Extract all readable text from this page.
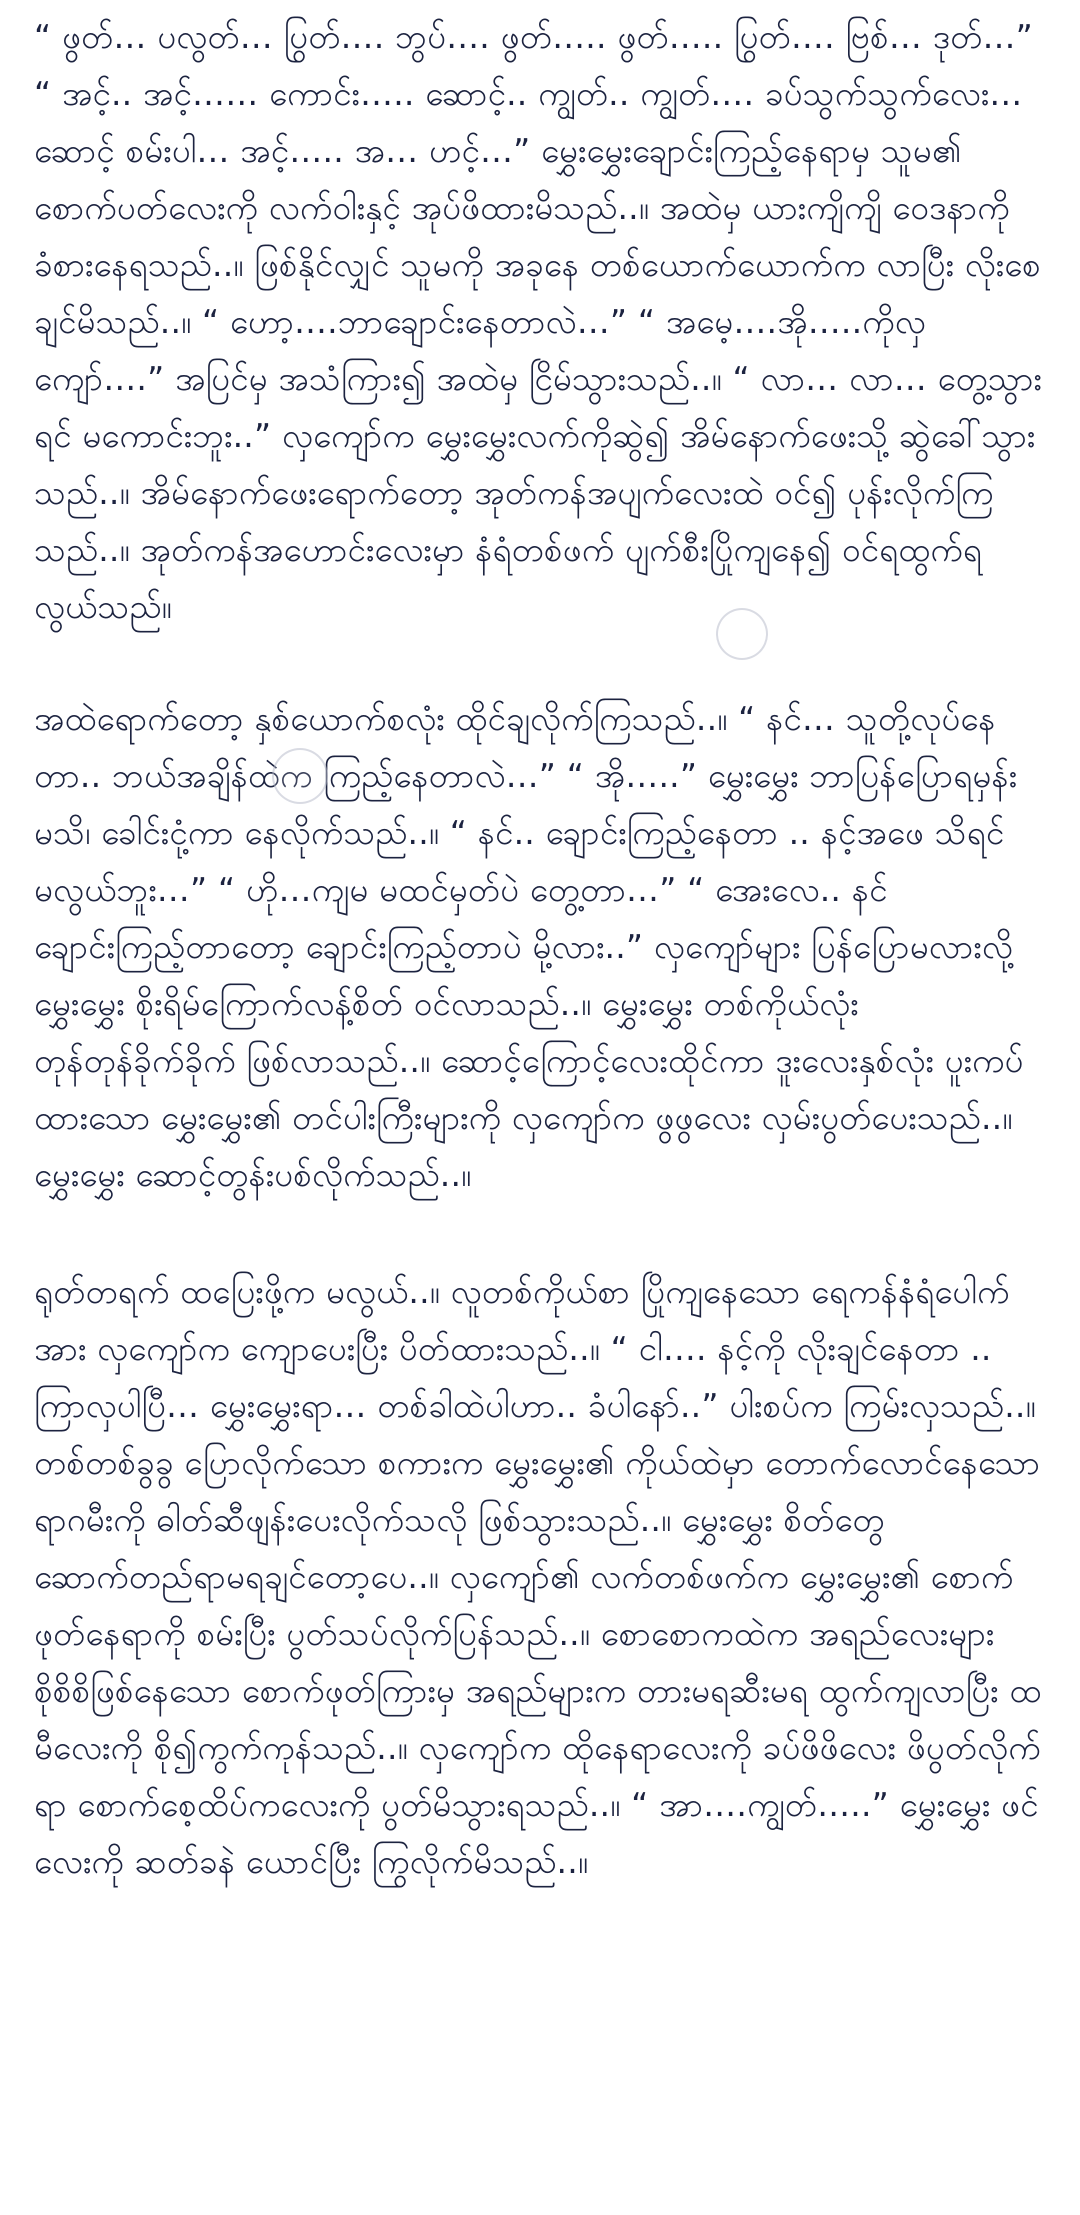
“ ဖွတ်… ပလွတ်… ပြွတ်…. ဘွပ်…. ဖွတ်….. ဖွတ်….. ပြွတ်…. ဗြစ်… ဒုတ်…” “ အင့်.. အင့်…… ကောင်း….. ဆောင့်.. ကျွတ်.. ကျွတ်…. ခပ်သွက်သွက်လေး… ဆောင့် စမ်းပါ… အင့်….. အ… ဟင့်…” မွှေးမွှေးချောင်းကြည့်နေရာမှ သူမ၏ စောက်ပတ်လေးကို လက်ဝါးနှင့် အုပ်ဖိထားမိသည်..။ အထဲမှ ယားကျိကျိ ဝေဒနာကို ခံစားနေရသည်..။ ဖြစ်နိုင်လျှင် သူမကို အခုနေ တစ်ယောက်ယောက်က လာပြီး လိုးစေချင်မိသည်..။ “ ဟော့….ဘာချောင်းနေတာလဲ…” “ အမေ့….အို…..ကိုလှကျော်….” အပြင်မှ အသံကြား၍ အထဲမှ ငြိမ်သွားသည်..။ “ လာ… လာ… တွေ့သွားရင် မကောင်းဘူး..” လှကျော်က မွှေးမွှေးလက်ကိုဆွဲ၍ အိမ်နောက်ဖေးသို့ ဆွဲခေါ်သွားသည်..။ အိမ်နောက်ဖေးရောက်တော့ အုတ်ကန်အပျက်လေးထဲ ဝင်၍ ပုန်းလိုက်ကြသည်..။ အုတ်ကန်အဟောင်းလေးမှာ နံရံတစ်ဖက် ပျက်စီးပြိုကျနေ၍ ဝင်ရထွက်ရ လွယ်သည်။

အထဲရောက်တော့ နှစ်ယောက်စလုံး ထိုင်ချလိုက်ကြသည်..။ “ နင်… သူတို့လုပ်နေတာ.. ဘယ်အချိန်ထဲက ကြည့်နေတာလဲ…” “ အို…..” မွှေးမွှေး ဘာပြန်ပြောရမှန်း မသိ၊ ခေါင်းငုံ့ကာ နေလိုက်သည်..။ “ နင်.. ချောင်းကြည့်နေတာ .. နင့်အဖေ သိရင် မလွယ်ဘူး…” “ ဟို…ကျမ မထင်မှတ်ပဲ တွေ့တာ…” “ အေးလေ.. နင် ချောင်းကြည့်တာတော့ ချောင်းကြည့်တာပဲ မို့လား..” လှကျော်များ ပြန်ပြောမလားလို့ မွှေးမွှေး စိုးရိမ်ကြောက်လန့်စိတ် ဝင်လာသည်..။ မွှေးမွှေး တစ်ကိုယ်လုံး တုန်တုန်ခိုက်ခိုက် ဖြစ်လာသည်..။ ဆောင့်ကြောင့်လေးထိုင်ကာ ဒူးလေးနှစ်လုံး ပူးကပ်ထားသော မွှေးမွှေး၏ တင်ပါးကြီးများကို လှကျော်က ဖွဖွလေး လှမ်းပွတ်ပေးသည်..။ မွှေးမွှေး ဆောင့်တွန်းပစ်လိုက်သည်..။

ရုတ်တရက် ထပြေးဖို့က မလွယ်..။ လူတစ်ကိုယ်စာ ပြိုကျနေသော ရေကန်နံရံပေါက်အား လှကျော်က ကျောပေးပြီး ပိတ်ထားသည်..။ “ ငါ…. နင့်ကို လိုးချင်နေတာ .. ကြာလှပါပြီ… မွှေးမွှေးရာ… တစ်ခါထဲပါဟာ.. ခံပါနော်..” ပါးစပ်က ကြမ်းလှသည်..။ တစ်တစ်ခွခွ ပြောလိုက်သော စကားက မွှေးမွှေး၏ ကိုယ်ထဲမှာ တောက်လောင်နေသော ရာဂမီးကို ဓါတ်ဆီဖျန်းပေးလိုက်သလို ဖြစ်သွားသည်..။ မွှေးမွှေး စိတ်တွေ ဆောက်တည်ရာမရချင်တော့ပေ..။ လှကျော်၏ လက်တစ်ဖက်က မွှေးမွှေး၏ စောက်ဖုတ်နေရာကို စမ်းပြီး ပွတ်သပ်လိုက်ပြန်သည်..။ စောစောကထဲက အရည်လေးများ စိုစိစိဖြစ်နေသော စောက်ဖုတ်ကြားမှ အရည်များက တားမရဆီးမရ ထွက်ကျလာပြီး ထမီလေးကို စို၍ကွက်ကုန်သည်..။ လှကျော်က ထိုနေရာလေးကို ခပ်ဖိဖိလေး ဖိပွတ်လိုက်ရာ စောက်စေ့ထိပ်ကလေးကို ပွတ်မိသွားရသည်..။ “ အာ….ကျွတ်…..” မွှေးမွှေး ဖင်လေးကို ဆတ်ခနဲ ယောင်ပြီး ကြွလိုက်မိသည်..။
